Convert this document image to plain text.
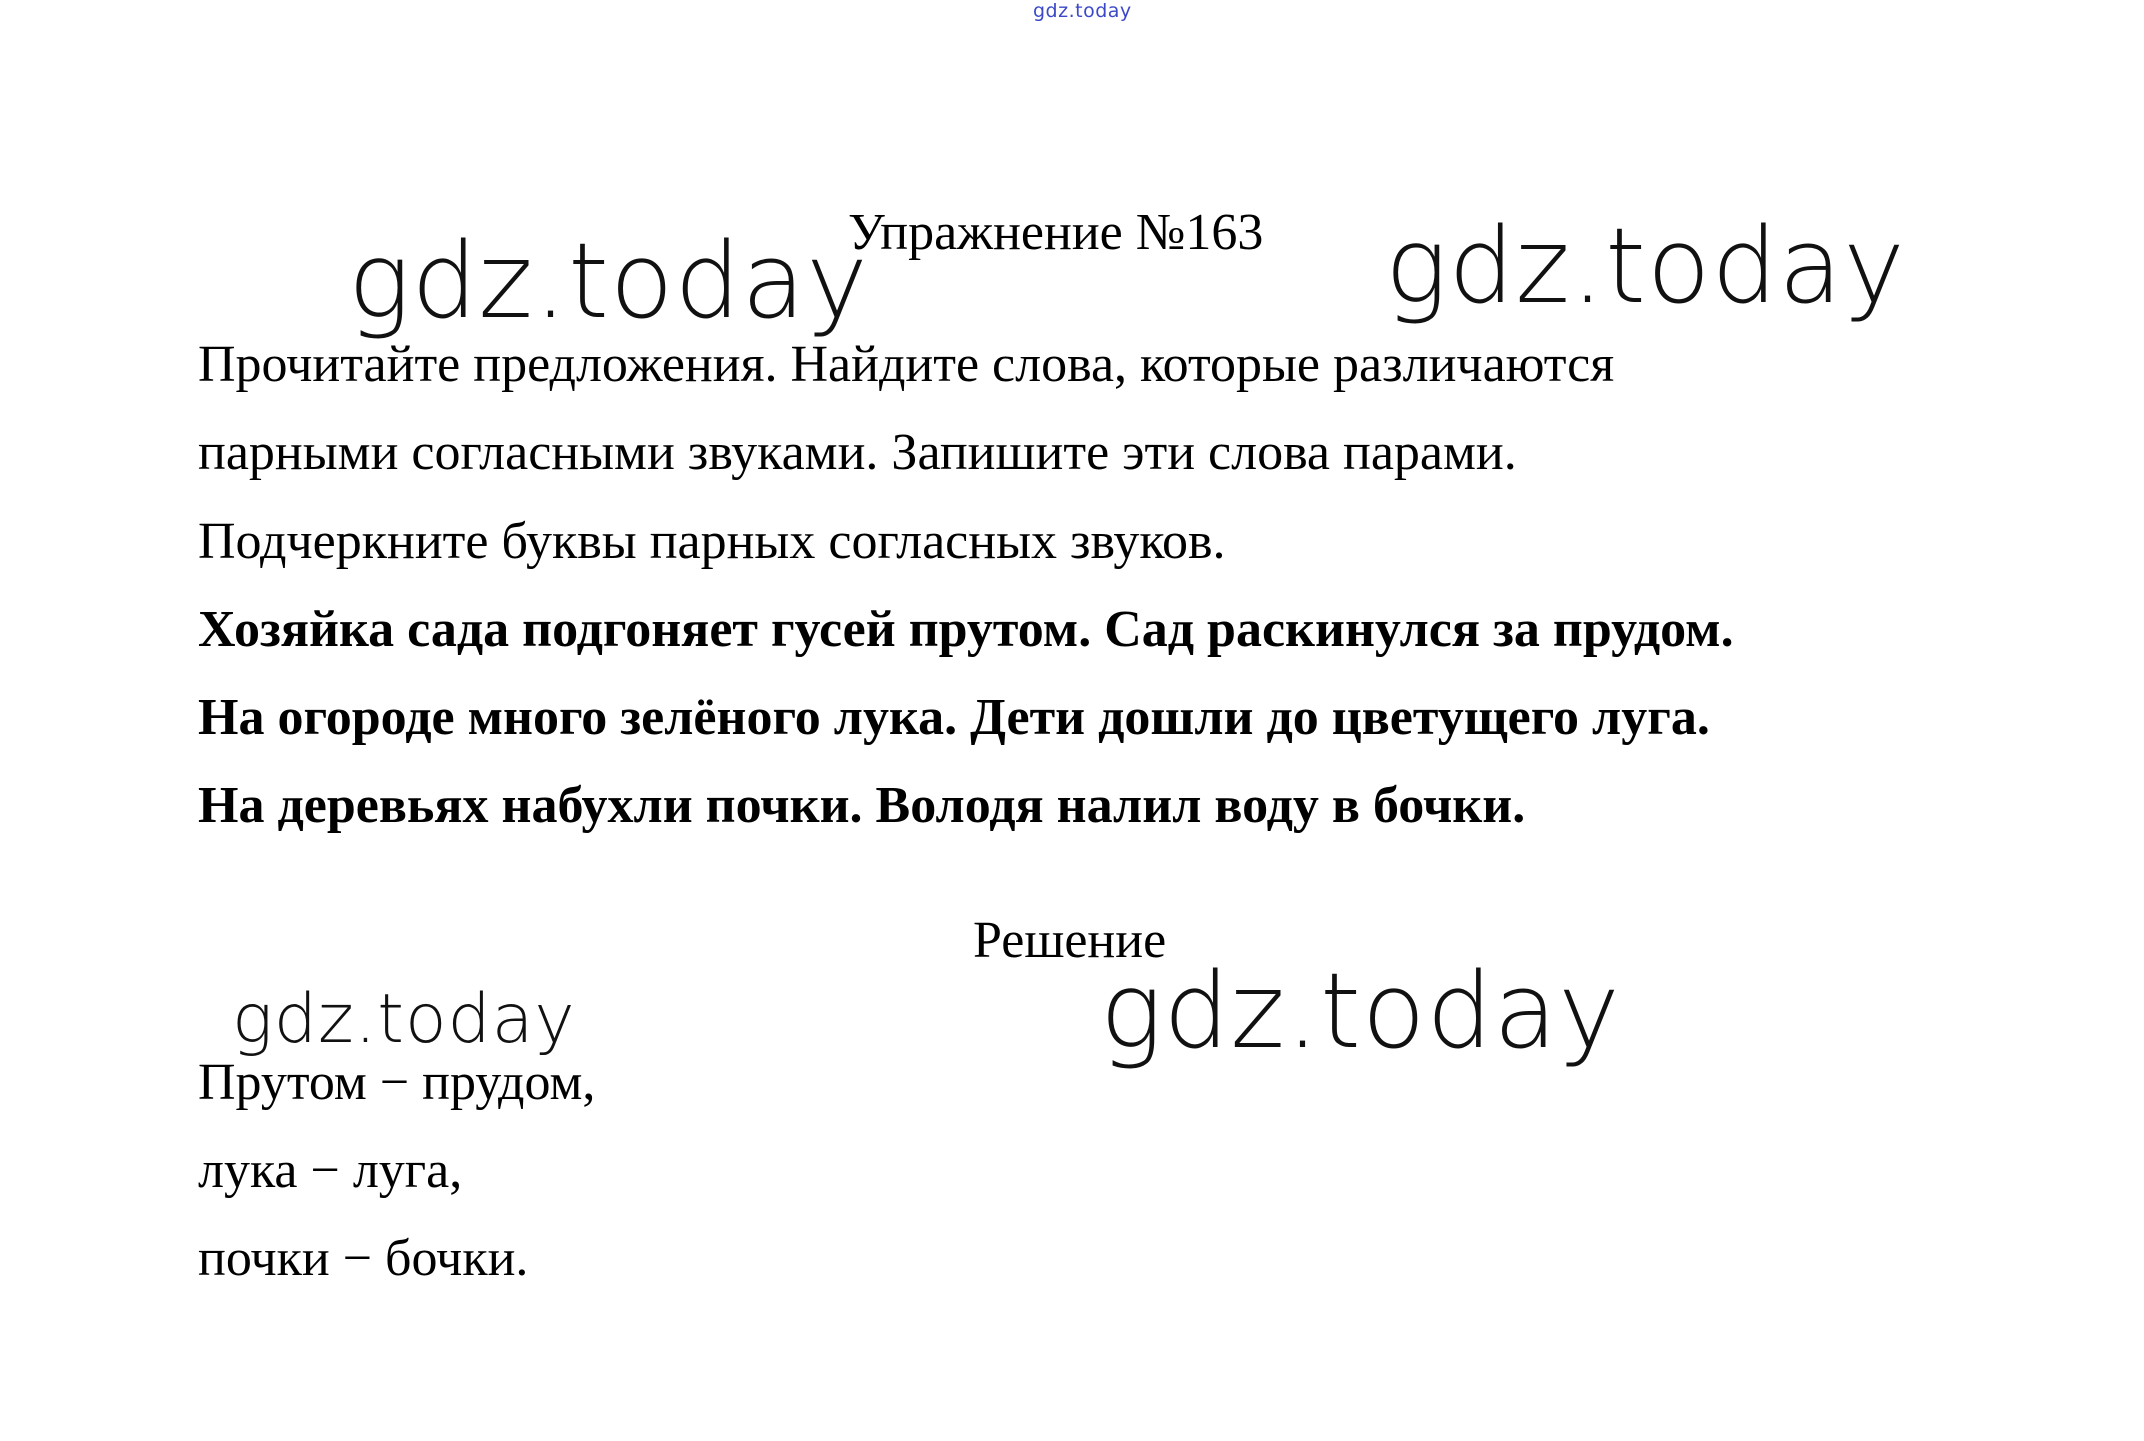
gdz.today
gdz.today	gdz.today
gdz.today	gdz.today
Упражнение №163
Прочитайте предложения. Найдите слова, которые различаются
парными согласными звуками. Запишите эти слова парами.
Подчеркните буквы парных согласных звуков.
Хозяйка сада подгоняет гусей прутом. Сад раскинулся за прудом.
На огороде много зелёного лука. Дети дошли до цветущего луга.
На деревьях набухли почки. Володя налил воду в бочки.
Решение
Прутом − прудом,
лука − луга,
почки − бочки.
